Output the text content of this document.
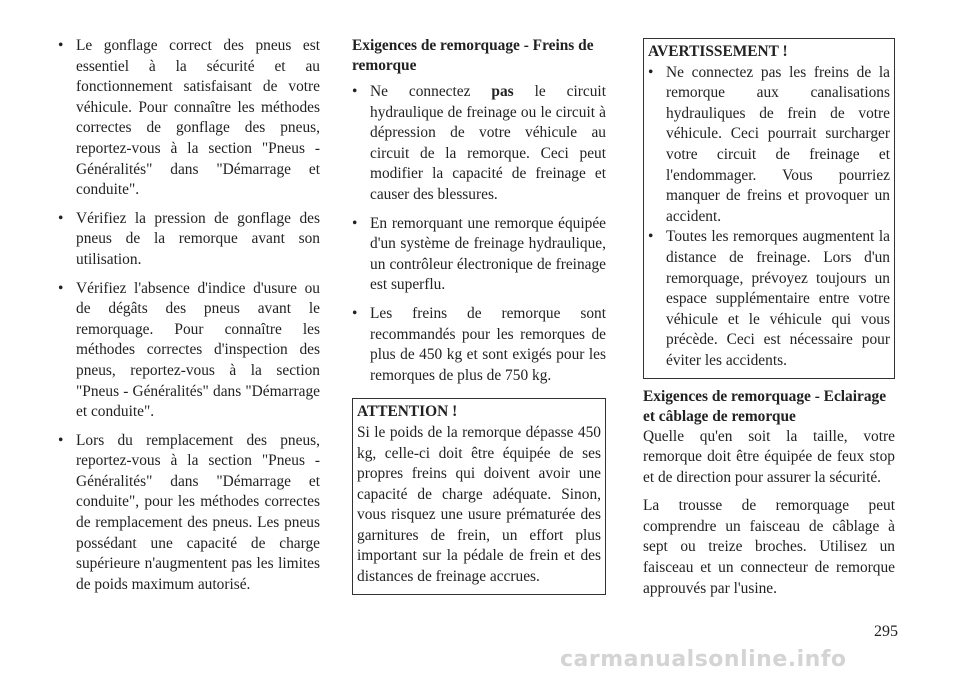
• Le gonflage correct des pneus est essentiel à la sécurité et au fonctionnement satisfaisant de votre véhicule. Pour connaître les méthodes correctes de gonflage des pneus, reportez-vous à la section "Pneus - Généralités" dans "Démarrage et conduite".
• Vérifiez la pression de gonflage des pneus de la remorque avant son utilisation.
• Vérifiez l'absence d'indice d'usure ou de dégâts des pneus avant le remorquage. Pour connaître les méthodes correctes d'inspection des pneus, reportez-vous à la section "Pneus - Généralités" dans "Démarrage et conduite".
• Lors du remplacement des pneus, reportez-vous à la section "Pneus - Généralités" dans "Démarrage et conduite", pour les méthodes correctes de remplacement des pneus. Les pneus possédant une capacité de charge supérieure n'augmentent pas les limites de poids maximum autorisé.
Exigences de remorquage - Freins de remorque
• Ne connectez pas le circuit hydraulique de freinage ou le circuit à dépression de votre véhicule au circuit de la remorque. Ceci peut modifier la capacité de freinage et causer des blessures.
• En remorquant une remorque équipée d'un système de freinage hydraulique, un contrôleur électronique de freinage est superflu.
• Les freins de remorque sont recommandés pour les remorques de plus de 450 kg et sont exigés pour les remorques de plus de 750 kg.
ATTENTION !

Si le poids de la remorque dépasse 450 kg, celle-ci doit être équipée de ses propres freins qui doivent avoir une capacité de charge adéquate. Sinon, vous risquez une usure prématurée des garnitures de frein, un effort plus important sur la pédale de frein et des distances de freinage accrues.

AVERTISSEMENT !
• Ne connectez pas les freins de la remorque aux canalisations hydrauliques de frein de votre véhicule. Ceci pourrait surcharger votre circuit de freinage et l'endommager. Vous pourriez manquer de freins et provoquer un accident.
• Toutes les remorques augmentent la distance de freinage. Lors d'un remorquage, prévoyez toujours un espace supplémentaire entre votre véhicule et le véhicule qui vous précède. Ceci est nécessaire pour éviter les accidents.
Exigences de remorquage - Eclairage et câblage de remorque

Quelle qu'en soit la taille, votre remorque doit être équipée de feux stop et de direction pour assurer la sécurité.

La trousse de remorquage peut comprendre un faisceau de câblage à sept ou treize broches. Utilisez un faisceau et un connecteur de remorque approuvés par l'usine.

295
carmanualsonline.info
